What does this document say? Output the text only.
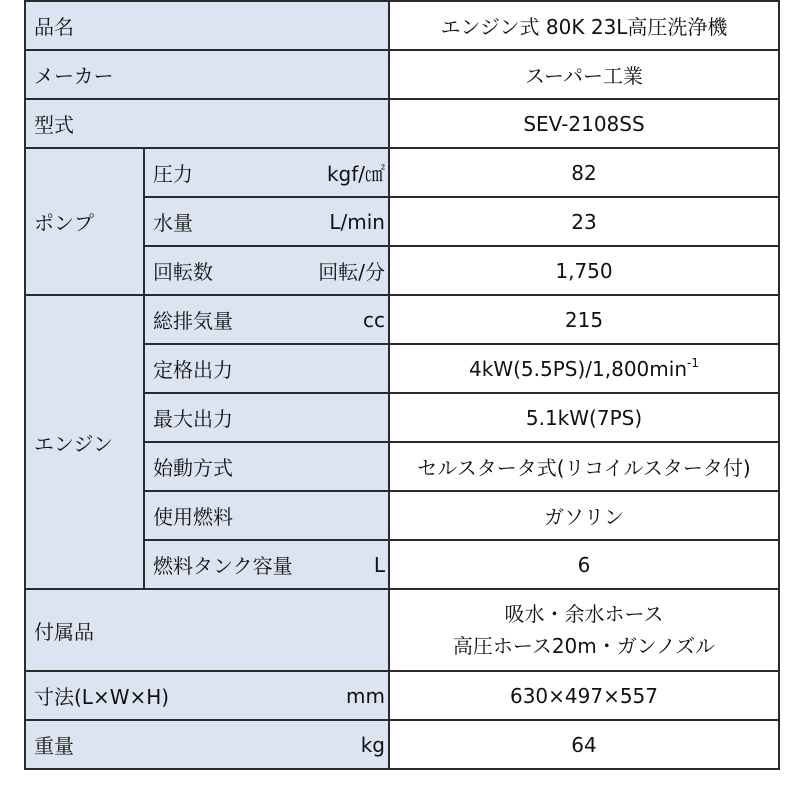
品名		エンジン式 80K 23L高圧洗浄機
メーカー		スーパー工業
型式		SEV-2108SS
ポンプ	圧力 kgf/㎠	82

	水量 L/min	23

	回転数 回転/分	1,750
エンジン	総排気量 cc	215
	定格出力	$4kW(5.5PS)/1,800\min^{-1}$
	最大出力	5.1kW(7PS)
	始動方式	セルスタータ式(リコイルスタータ付)
	使用燃料	ガソリン

	燃料タンク容量 L	6
付属品		吸水・余水ホース
高圧ホース20m・ガンノズル

寸法(L×W×H) mm		630×497×557

重量 kg		64
